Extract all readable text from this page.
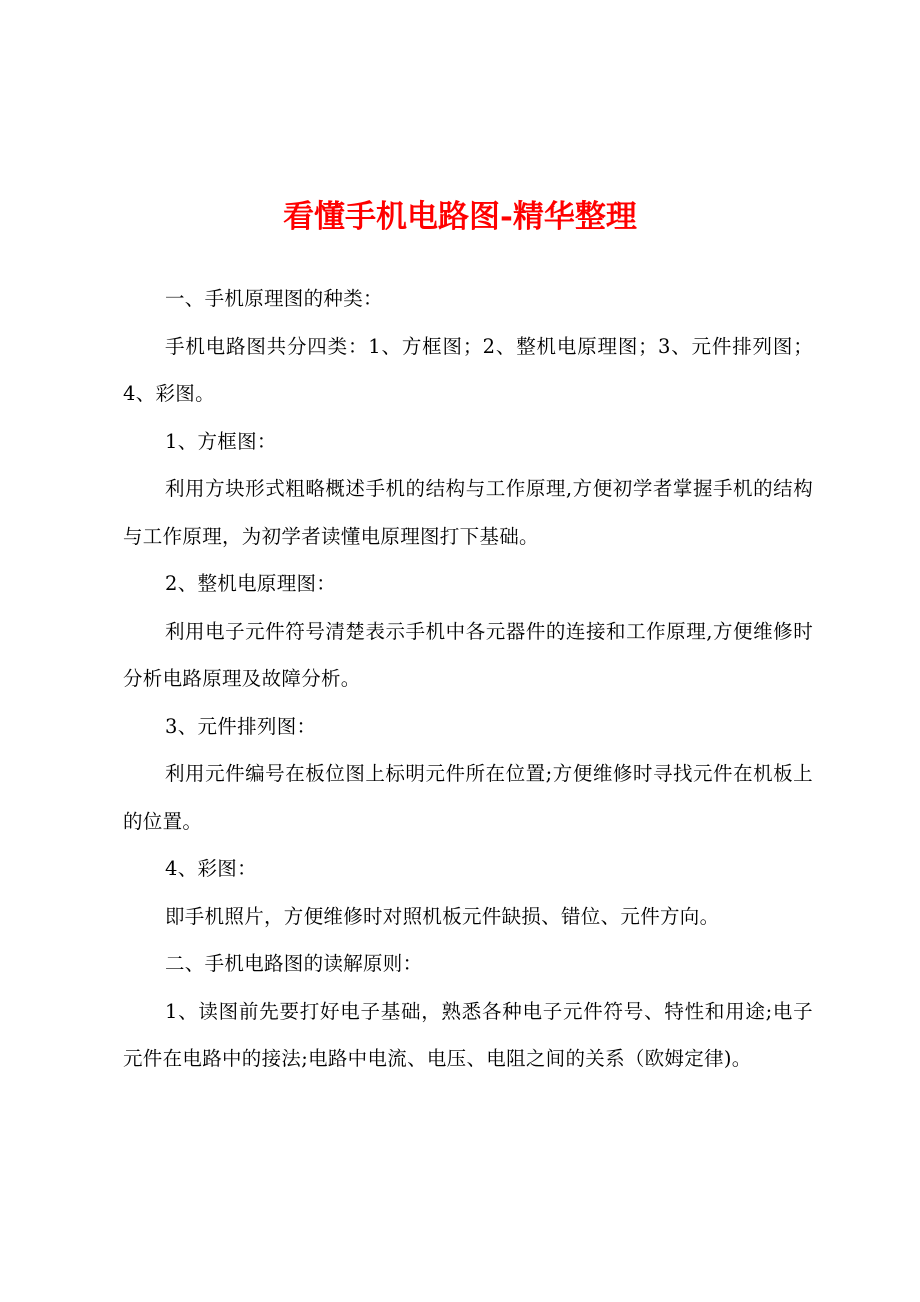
看懂手机电路图-精华整理

一、手机原理图的种类：

手机电路图共分四类：1、方框图；2、整机电原理图；3、元件排列图；4、彩图。

1、方框图：

利用方块形式粗略概述手机的结构与工作原理,方便初学者掌握手机的结构与工作原理，为初学者读懂电原理图打下基础。

2、整机电原理图：

利用电子元件符号清楚表示手机中各元器件的连接和工作原理,方便维修时分析电路原理及故障分析。

3、元件排列图：

利用元件编号在板位图上标明元件所在位置;方便维修时寻找元件在机板上的位置。

4、彩图：

即手机照片，方便维修时对照机板元件缺损、错位、元件方向。

二、手机电路图的读解原则：

1、读图前先要打好电子基础，熟悉各种电子元件符号、特性和用途;电子元件在电路中的接法;电路中电流、电压、电阻之间的关系（欧姆定律)。
